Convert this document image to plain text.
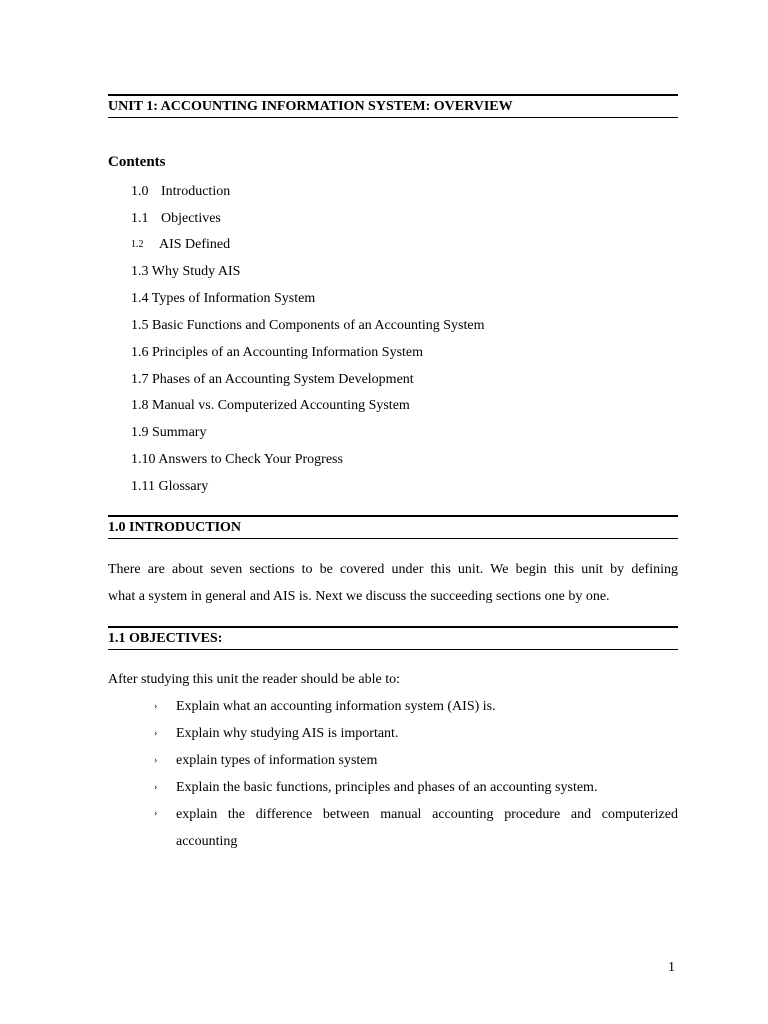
UNIT 1: ACCOUNTING INFORMATION SYSTEM: OVERVIEW
Contents
1.0 Introduction
1.1 Objectives
1.2 AIS Defined
1.3 Why Study AIS
1.4 Types of Information System
1.5 Basic Functions and Components of an Accounting System
1.6 Principles of an Accounting Information System
1.7 Phases of an Accounting System Development
1.8 Manual vs. Computerized Accounting System
1.9 Summary
1.10 Answers to Check Your Progress
1.11 Glossary
1.0 INTRODUCTION
There are about seven sections to be covered under this unit. We begin this unit by defining
what a system in general and AIS is. Next we discuss the succeeding sections one by one.
1.1 OBJECTIVES:
After studying this unit the reader should be able to:
›
›
›
›
›
Explain what an accounting information system (AIS) is.
Explain why studying AIS is important.
explain types of information system
Explain the basic functions, principles and phases of an accounting system.
explain the difference between manual accounting procedure and computerized
accounting
1
